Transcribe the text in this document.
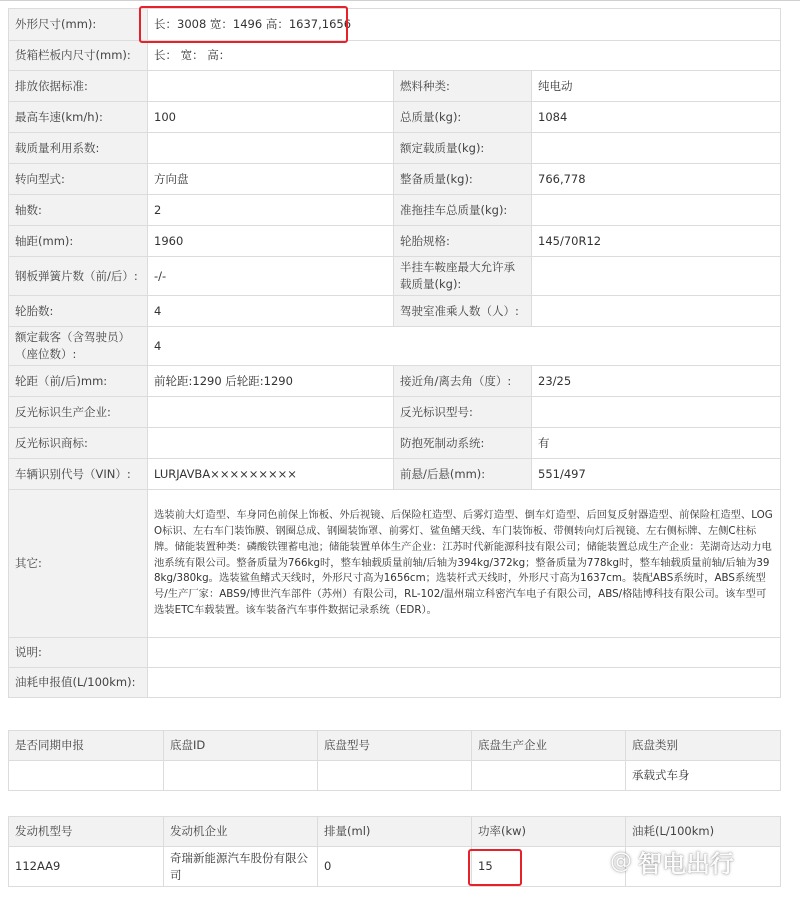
外形尺寸(mm):	长：3008 宽：1496 高：1637,1656		
货箱栏板内尺寸(mm):	长： 宽： 高：		
排放依据标准:		燃料种类:	纯电动
最高车速(km/h):	100	总质量(kg):	1084
载质量利用系数:		额定载质量(kg):	
转向型式:	方向盘	整备质量(kg):	766,778
轴数:	2	准拖挂车总质量(kg):	
轴距(mm):	1960	轮胎规格:	145/70R12
钢板弹簧片数（前/后）:	-/-	半挂车鞍座最大允许承载质量(kg):	
轮胎数:	4	驾驶室准乘人数（人）:	
额定载客（含驾驶员）（座位数）:	4		
轮距（前/后)mm:	前轮距:1290 后轮距:1290	接近角/离去角（度）:	23/25
反光标识生产企业:		反光标识型号:	
反光标识商标:		防抱死制动系统:	有
车辆识别代号（VIN）:	LURJAVBA×××××××××	前悬/后悬(mm):	551/497
其它:	选装前大灯造型、车身同色前保上饰板、外后视镜、后保险杠造型、后雾灯造型、倒车灯造型、后回复反射器造型、前保险杠造型、LOGO标识、左右车门装饰膜、钢圈总成、钢圈装饰罩、前雾灯、鲨鱼鳍天线、车门装饰板、带侧转向灯后视镜、左右侧标牌、左侧C柱标牌。储能装置种类：磷酸铁锂蓄电池；储能装置单体生产企业：江苏时代新能源科技有限公司；储能装置总成生产企业：芜湖奇达动力电池系统有限公司。整备质量为766kg时，整车轴载质量前轴/后轴为394kg/372kg；整备质量为778kg时，整车轴载质量前轴/后轴为398kg/380kg。选装鲨鱼鳍式天线时，外形尺寸高为1656cm；选装杆式天线时，外形尺寸高为1637cm。装配ABS系统时，ABS系统型号/生产厂家：ABS9/博世汽车部件（苏州）有限公司，RL-102/温州瑞立科密汽车电子有限公司，ABS/格陆博科技有限公司。该车型可选装ETC车载装置。该车装备汽车事件数据记录系统（EDR）。		
说明:			
油耗申报值(L/100km):			
是否同期申报	底盘ID	底盘型号	底盘生产企业	底盘类别
				承载式车身
发动机型号	发动机企业	排量(ml)	功率(kw)	油耗(L/100km)
112AA9	奇瑞新能源汽车股份有限公司	0	15		@ 智电出行
